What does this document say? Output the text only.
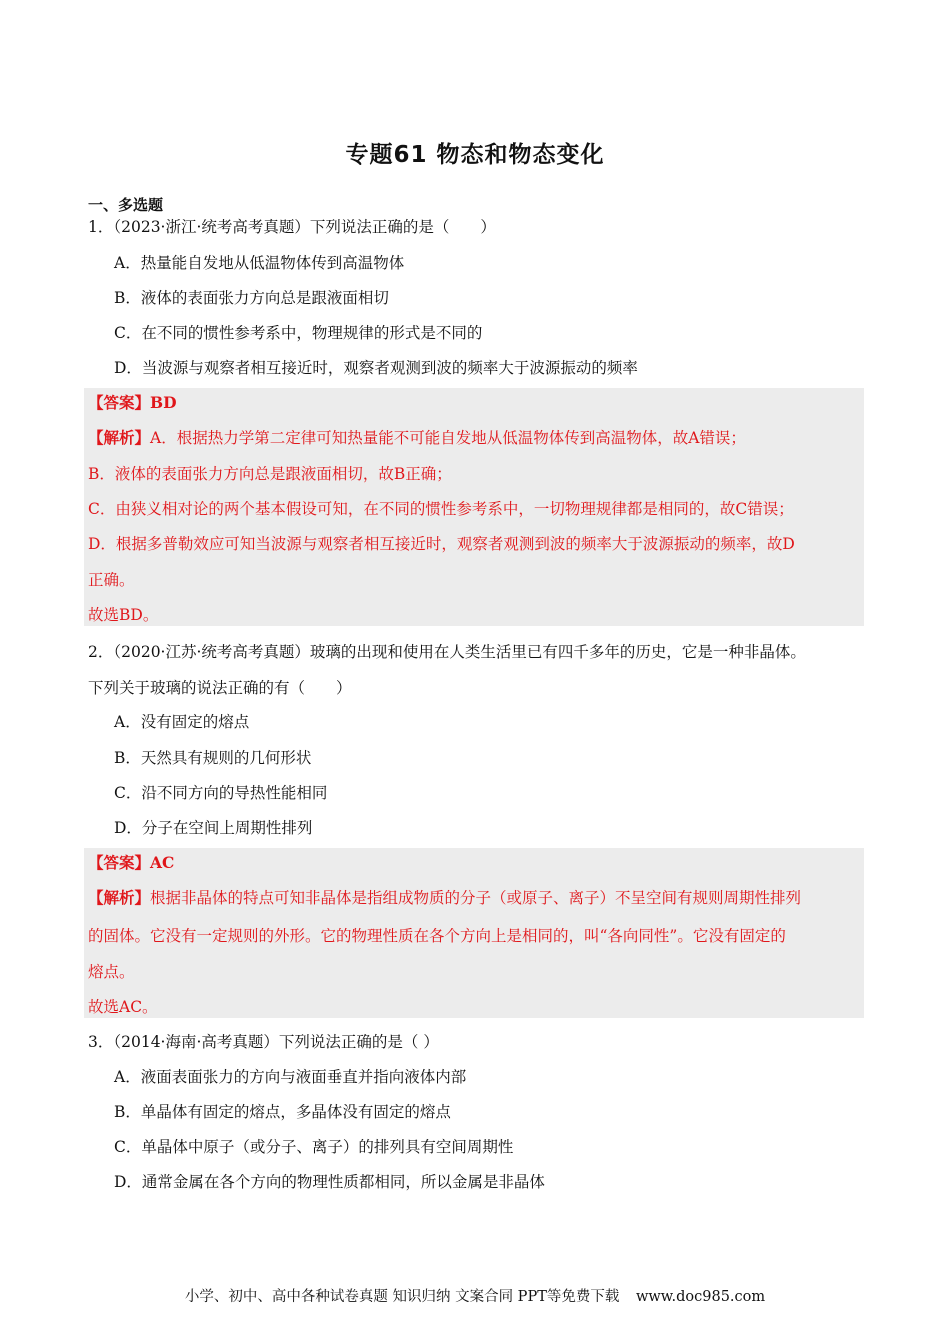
专题61 物态和物态变化
一、多选题
1．（2023·浙江·统考高考真题）下列说法正确的是（　　）
A．热量能自发地从低温物体传到高温物体
B．液体的表面张力方向总是跟液面相切
C．在不同的惯性参考系中，物理规律的形式是不同的
D．当波源与观察者相互接近时，观察者观测到波的频率大于波源振动的频率
【答案】BD
【解析】A．根据热力学第二定律可知热量能不可能自发地从低温物体传到高温物体，故A错误；
B．液体的表面张力方向总是跟液面相切，故B正确；
C．由狭义相对论的两个基本假设可知，在不同的惯性参考系中，一切物理规律都是相同的，故C错误；
D．根据多普勒效应可知当波源与观察者相互接近时，观察者观测到波的频率大于波源振动的频率，故D
正确。
故选BD。
2．（2020·江苏·统考高考真题）玻璃的出现和使用在人类生活里已有四千多年的历史，它是一种非晶体。
下列关于玻璃的说法正确的有（　　）
A．没有固定的熔点
B．天然具有规则的几何形状
C．沿不同方向的导热性能相同
D．分子在空间上周期性排列
【答案】AC
【解析】根据非晶体的特点可知非晶体是指组成物质的分子（或原子、离子）不呈空间有规则周期性排列
的固体。它没有一定规则的外形。它的物理性质在各个方向上是相同的，叫“各向同性”。它没有固定的
熔点。
故选AC。
3．（2014·海南·高考真题）下列说法正确的是（ ）
A．液面表面张力的方向与液面垂直并指向液体内部
B．单晶体有固定的熔点，多晶体没有固定的熔点
C．单晶体中原子（或分子、离子）的排列具有空间周期性
D．通常金属在各个方向的物理性质都相同，所以金属是非晶体
小学、初中、高中各种试卷真题 知识归纳 文案合同 PPT等免费下载 www.doc985.com
